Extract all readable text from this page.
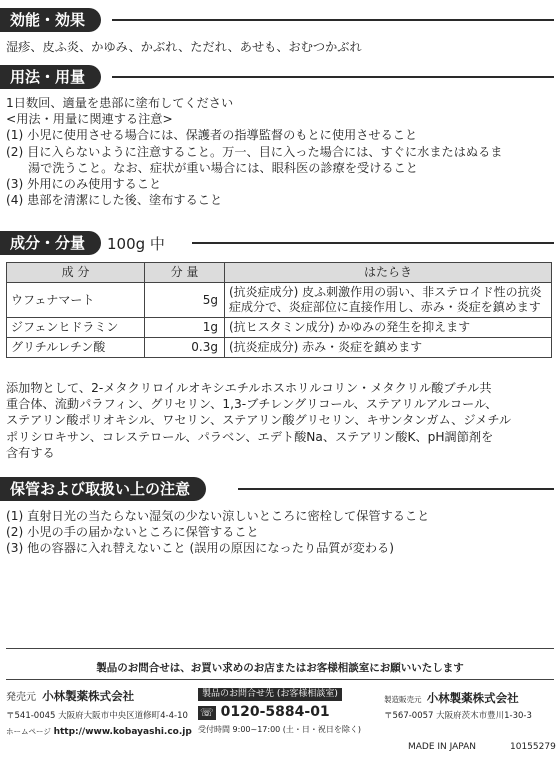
効能・効果
湿疹、皮ふ炎、かゆみ、かぶれ、ただれ、あせも、おむつかぶれ
用法・用量
1日数回、適量を患部に塗布してください
<用法・用量に関連する注意>
(1) 小児に使用させる場合には、保護者の指導監督のもとに使用させること
(2) 目に入らないように注意すること。万一、目に入った場合には、すぐに水またはぬるま
湯で洗うこと。なお、症状が重い場合には、眼科医の診療を受けること
(3) 外用にのみ使用すること
(4) 患部を清潔にした後、塗布すること
成分・分量	100g 中
成 分	分 量	はたらき
ウフェナマート	5g	(抗炎症成分) 皮ふ刺激作用の弱い、非ステロイド性の抗炎症成分で、炎症部位に直接作用し、赤み・炎症を鎮めます
ジフェンヒドラミン	1g	(抗ヒスタミン成分) かゆみの発生を抑えます
グリチルレチン酸	0.3g	(抗炎症成分) 赤み・炎症を鎮めます
添加物として、2-メタクリロイルオキシエチルホスホリルコリン・メタクリル酸ブチル共
重合体、流動パラフィン、グリセリン、1,3-ブチレングリコール、ステアリルアルコール、
ステアリン酸ポリオキシル、ワセリン、ステアリン酸グリセリン、キサンタンガム、ジメチル
ポリシロキサン、コレステロール、パラベン、エデト酸Na、ステアリン酸K、pH調節剤を
含有する
保管および取扱い上の注意
(1) 直射日光の当たらない湿気の少ない涼しいところに密栓して保管すること
(2) 小児の手の届かないところに保管すること
(3) 他の容器に入れ替えないこと (誤用の原因になったり品質が変わる)
製品のお問合せは、お買い求めのお店またはお客様相談室にお願いいたします
発売元 小林製薬株式会社
〒541-0045 大阪府大阪市中央区道修町4-4-10
ホームページ http://www.kobayashi.co.jp
製品のお問合せ先 (お客様相談室)
☏ 0120-5884-01
受付時間 9:00~17:00 (土・日・祝日を除く)
製造販売元 小林製薬株式会社
〒567-0057 大阪府茨木市豊川1-30-3
MADE IN JAPAN	10155279
